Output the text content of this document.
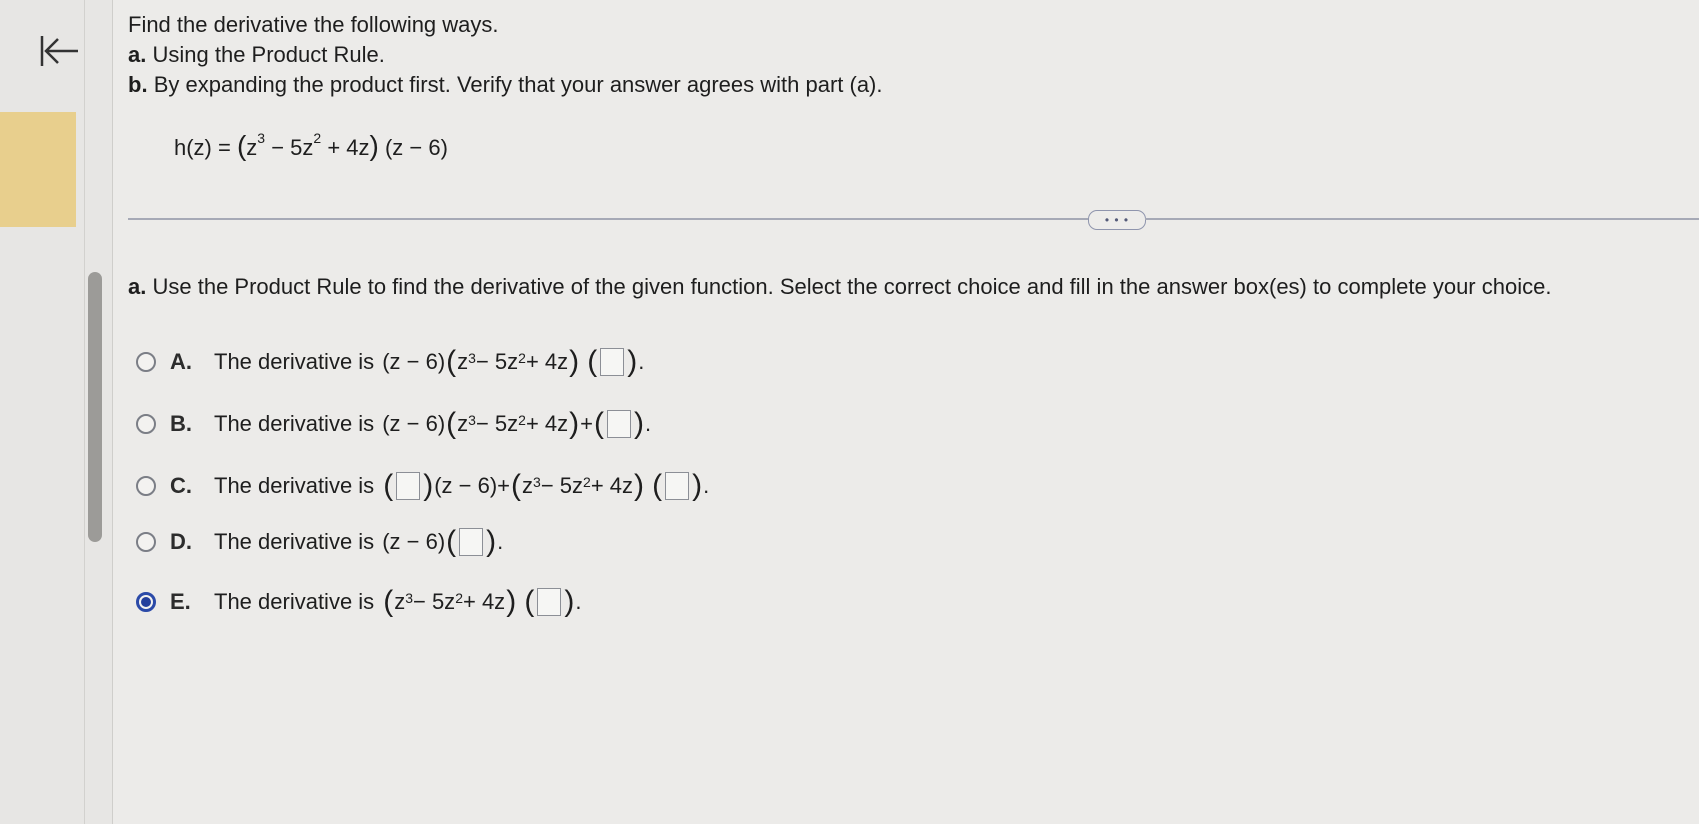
Find the derivative the following ways.
a. Using the Product Rule.
b. By expanding the product first. Verify that your answer agrees with part (a).
$h(z) = (z^3 - 5z^2 + 4z) (z - 6)$
• • •
a. Use the Product Rule to find the derivative of the given function. Select the correct choice and fill in the answer box(es) to complete your choice.
A.	The derivative is (z − 6) ( $z^3 - 5z^2 + 4z$ )
( ) .
B.	The derivative is (z − 6) ( $z^3 - 5z^2 + 4z$ ) + ( ) .
C.	The derivative is ( ) (z − 6) + ( $z^3 - 5z^2 + 4z$ )
( ) .
D.	The derivative is (z − 6) ( ) .
E.	The derivative is ( $z^3 - 5z^2 + 4z$ )
( ) .
